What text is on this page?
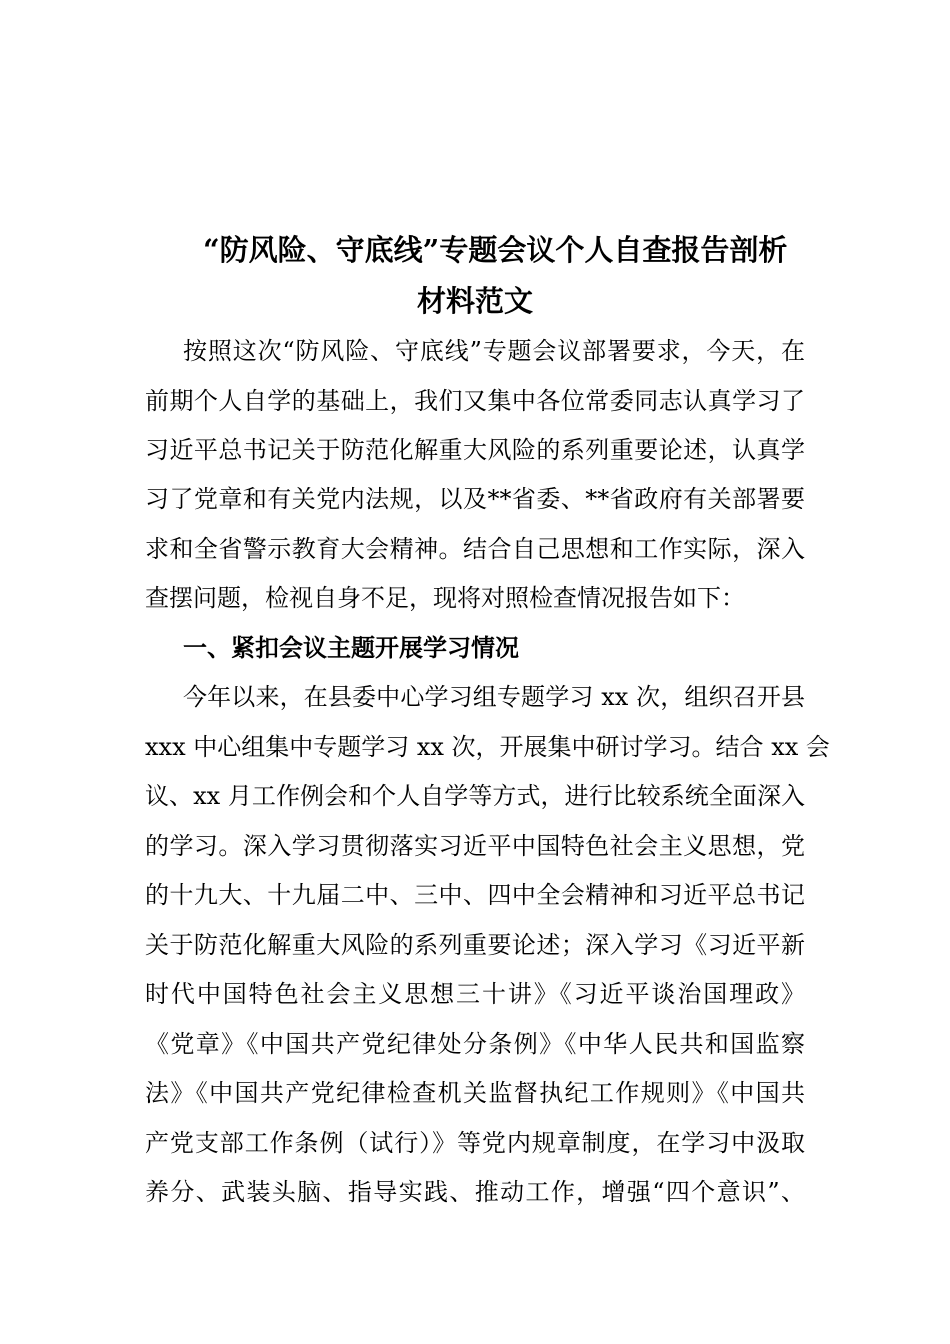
“防风险、守底线”专题会议个人自查报告剖析
材料范文

按照这次“防风险、守底线”专题会议部署要求，今天，在

前期个人自学的基础上，我们又集中各位常委同志认真学习了

习近平总书记关于防范化解重大风险的系列重要论述，认真学

习了党章和有关党内法规，以及**省委、**省政府有关部署要

求和全省警示教育大会精神。结合自己思想和工作实际，深入

查摆问题，检视自身不足，现将对照检查情况报告如下：

一、紧扣会议主题开展学习情况

今年以来，在县委中心学习组专题学习 xx 次，组织召开县

xxx 中心组集中专题学习 xx 次，开展集中研讨学习。结合 xx 会

议、xx 月工作例会和个人自学等方式，进行比较系统全面深入

的学习。深入学习贯彻落实习近平中国特色社会主义思想，党

的十九大、十九届二中、三中、四中全会精神和习近平总书记

关于防范化解重大风险的系列重要论述；深入学习《习近平新

时代中国特色社会主义思想三十讲》《习近平谈治国理政》

《党章》《中国共产党纪律处分条例》《中华人民共和国监察

法》《中国共产党纪律检查机关监督执纪工作规则》《中国共

产党支部工作条例（试行）》等党内规章制度，在学习中汲取

养分、武装头脑、指导实践、推动工作，增强“四个意识”、
